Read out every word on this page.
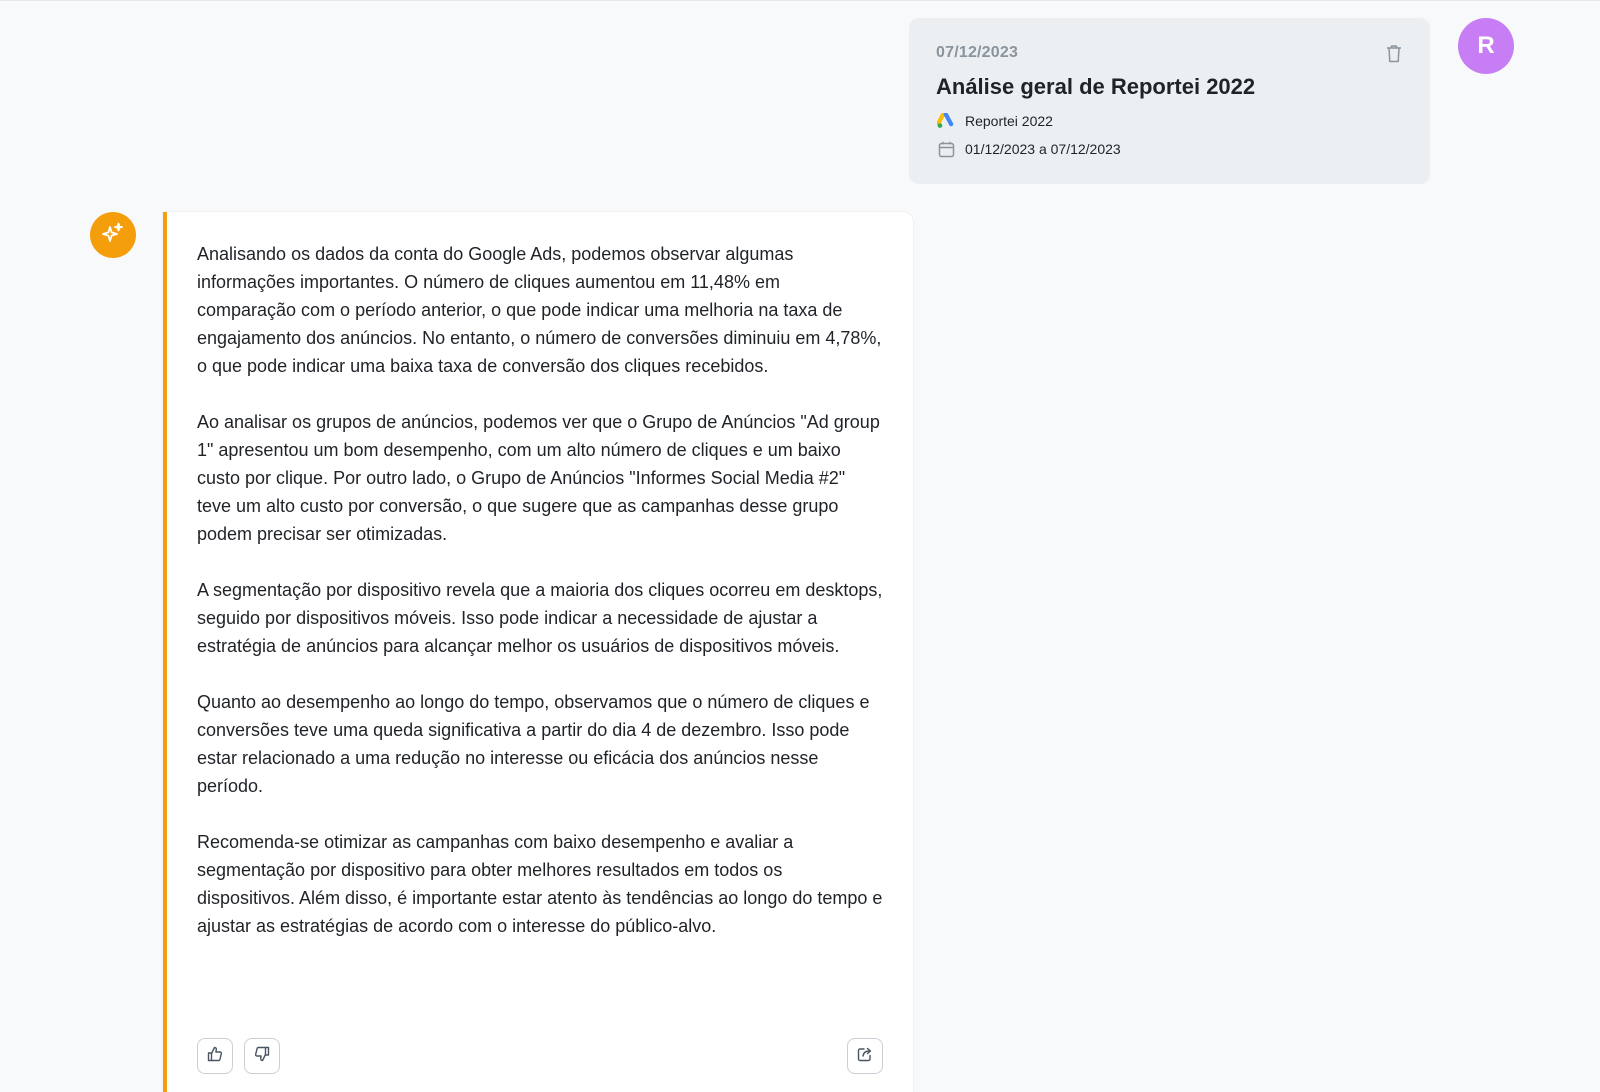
07/12/2023
Análise geral de Reportei 2022
Reportei 2022
01/12/2023 a 07/12/2023
R

Analisando os dados da conta do Google Ads, podemos observar algumas informações importantes. O número de cliques aumentou em 11,48% em comparação com o período anterior, o que pode indicar uma melhoria na taxa de engajamento dos anúncios. No entanto, o número de conversões diminuiu em 4,78%, o que pode indicar uma baixa taxa de conversão dos cliques recebidos.

Ao analisar os grupos de anúncios, podemos ver que o Grupo de Anúncios "Ad group 1" apresentou um bom desempenho, com um alto número de cliques e um baixo custo por clique. Por outro lado, o Grupo de Anúncios "Informes Social Media #2" teve um alto custo por conversão, o que sugere que as campanhas desse grupo podem precisar ser otimizadas.

A segmentação por dispositivo revela que a maioria dos cliques ocorreu em desktops, seguido por dispositivos móveis. Isso pode indicar a necessidade de ajustar a estratégia de anúncios para alcançar melhor os usuários de dispositivos móveis.

Quanto ao desempenho ao longo do tempo, observamos que o número de cliques e conversões teve uma queda significativa a partir do dia 4 de dezembro. Isso pode estar relacionado a uma redução no interesse ou eficácia dos anúncios nesse período.

Recomenda-se otimizar as campanhas com baixo desempenho e avaliar a segmentação por dispositivo para obter melhores resultados em todos os dispositivos. Além disso, é importante estar atento às tendências ao longo do tempo e ajustar as estratégias de acordo com o interesse do público-alvo.
